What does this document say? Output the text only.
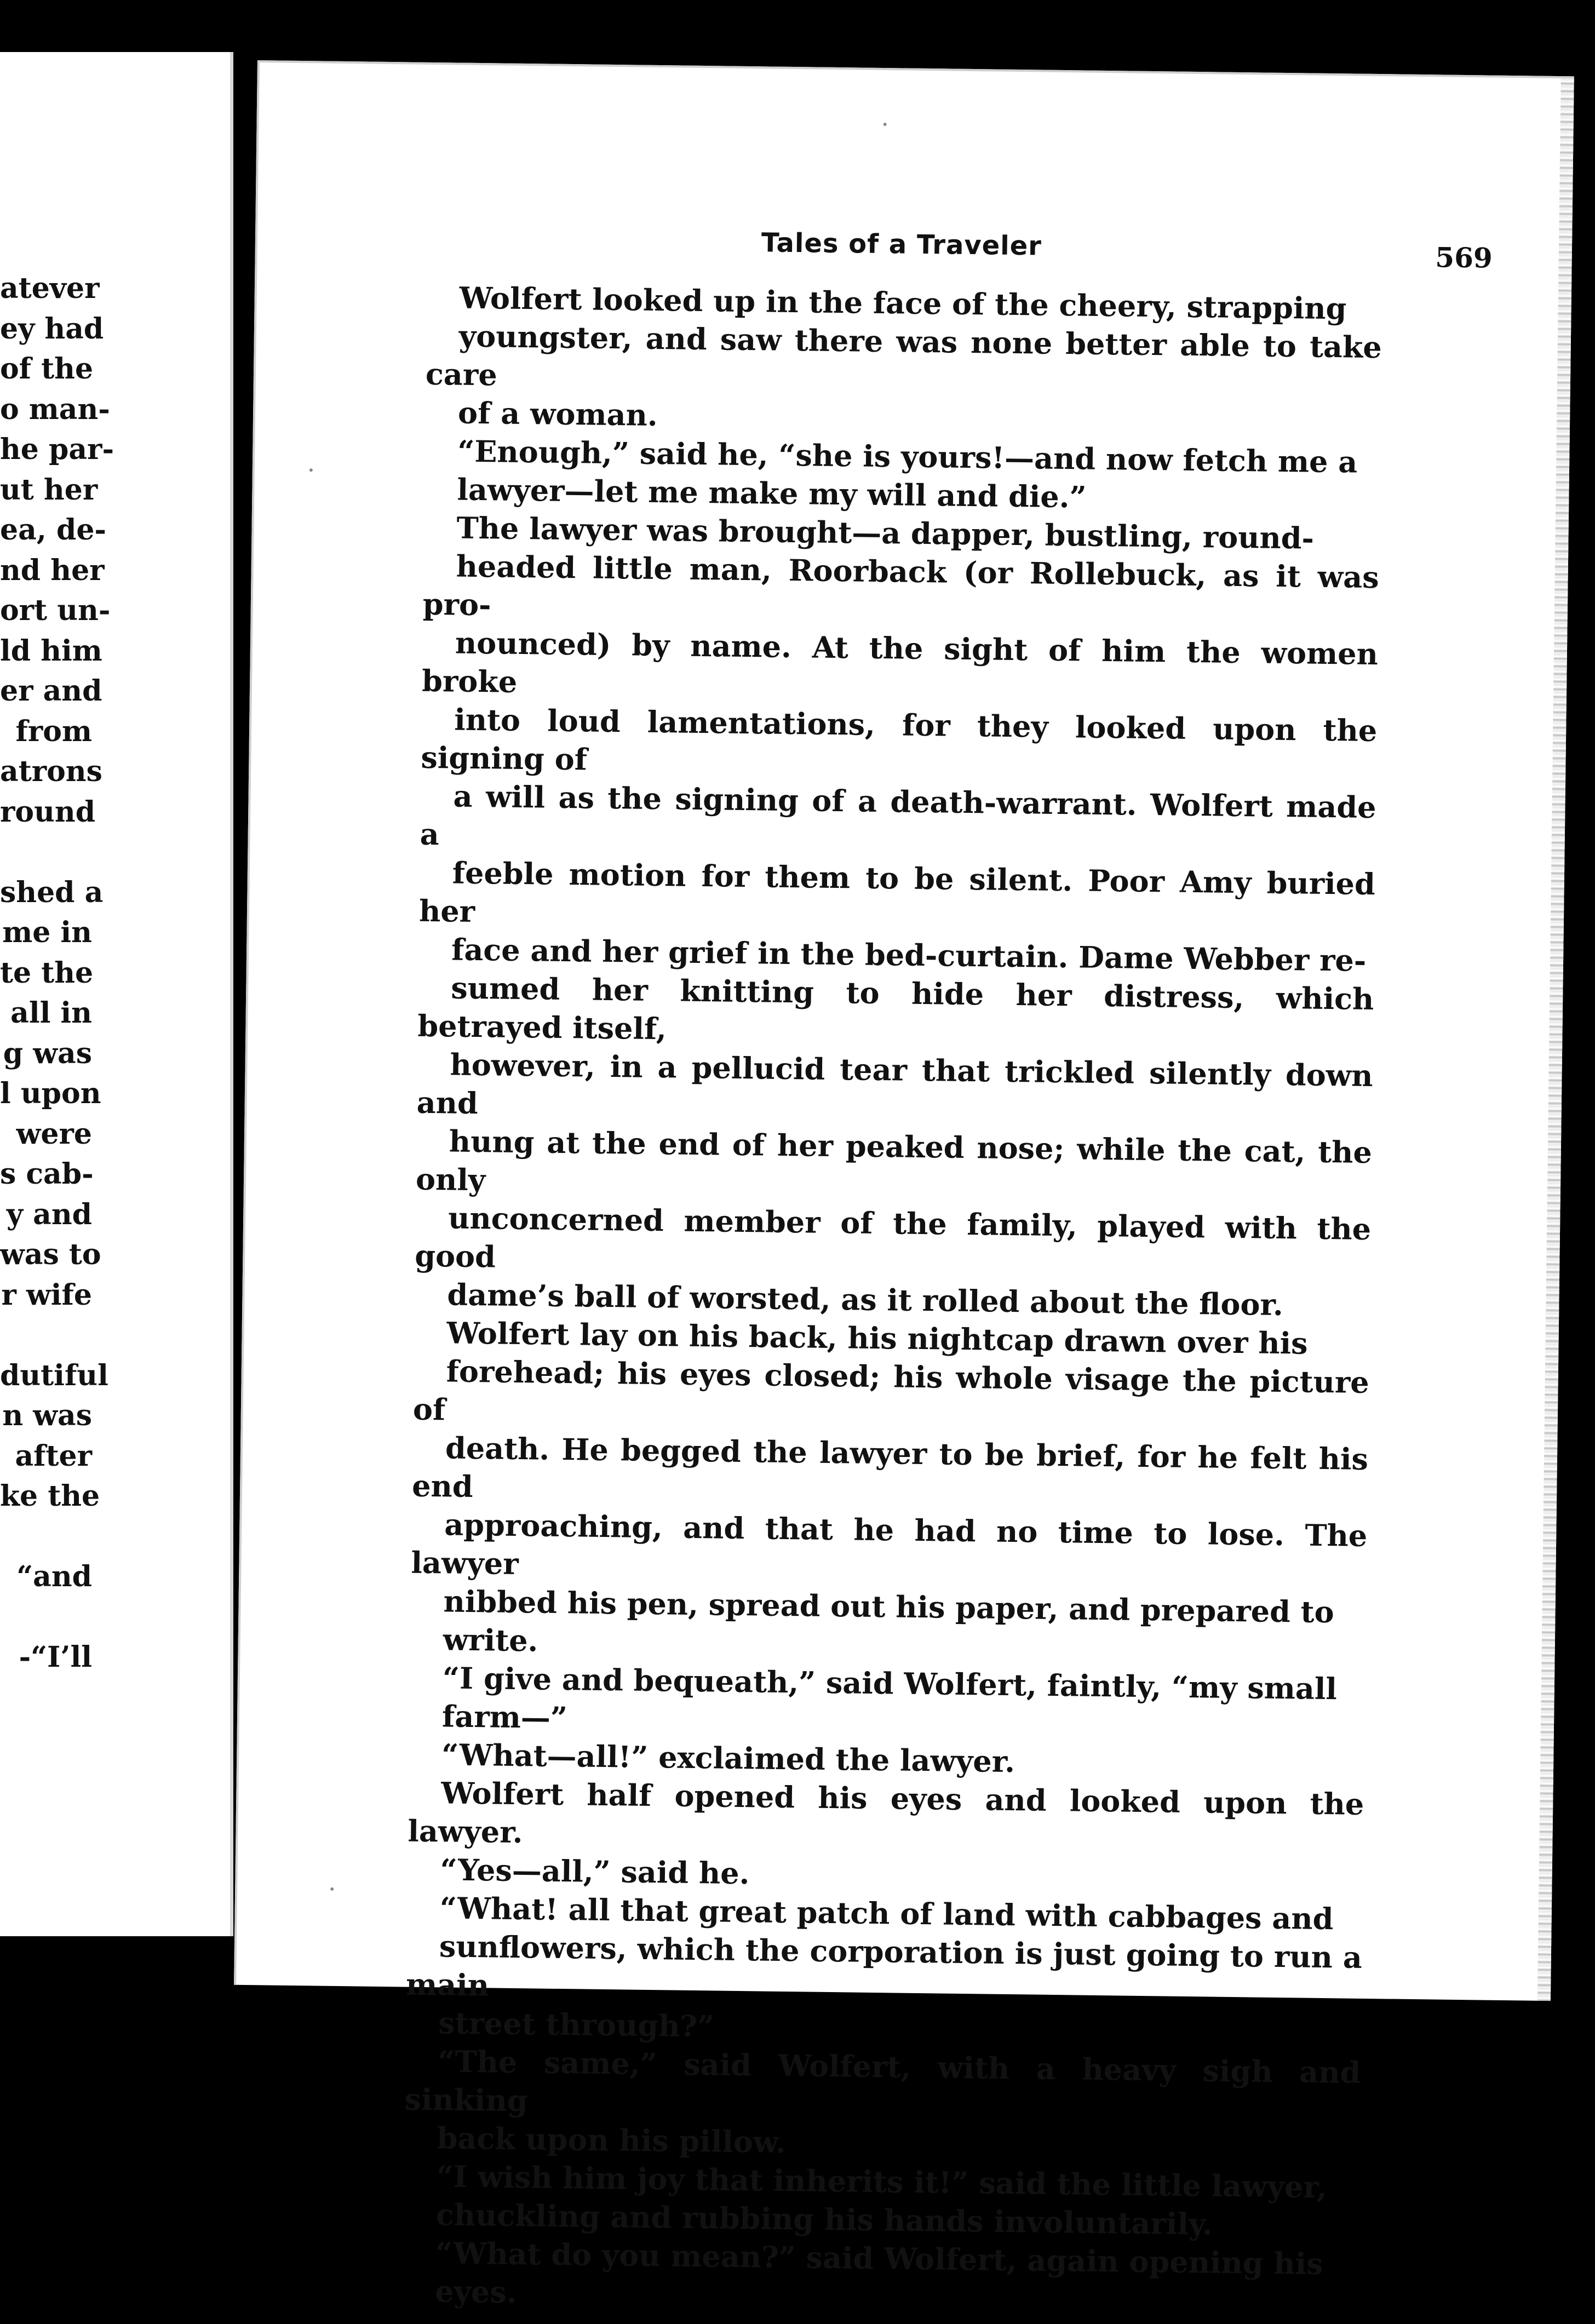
atever
ey had
of the
o man-
he par-
ut her
ea, de-
nd her
ort un-
ld him
er and
from
atrons
round
shed a
me in
te the
all in
g was
l upon
were
s cab-
y and
was to
r wife
dutiful
n was
after
ke the
“and
-“I’ll
Tales of a Traveler	569

Wolfert looked up in the face of the cheery, strapping
youngster, and saw there was none better able to take care
of a woman.

“Enough,” said he, “she is yours!—and now fetch me a
lawyer—let me make my will and die.”

The lawyer was brought—a dapper, bustling, round-
headed little man, Roorback (or Rollebuck, as it was pro-
nounced) by name. At the sight of him the women broke
into loud lamentations, for they looked upon the signing of
a will as the signing of a death-warrant. Wolfert made a
feeble motion for them to be silent. Poor Amy buried her
face and her grief in the bed-curtain. Dame Webber re-
sumed her knitting to hide her distress, which betrayed itself,
however, in a pellucid tear that trickled silently down and
hung at the end of her peaked nose; while the cat, the only
unconcerned member of the family, played with the good
dame’s ball of worsted, as it rolled about the floor.

Wolfert lay on his back, his nightcap drawn over his
forehead; his eyes closed; his whole visage the picture of
death. He begged the lawyer to be brief, for he felt his end
approaching, and that he had no time to lose. The lawyer
nibbed his pen, spread out his paper, and prepared to
write.

“I give and bequeath,” said Wolfert, faintly, “my small
farm—”

“What—all!” exclaimed the lawyer.

Wolfert half opened his eyes and looked upon the lawyer.

“Yes—all,” said he.

“What! all that great patch of land with cabbages and
sunflowers, which the corporation is just going to run a main
street through?”

“The same,” said Wolfert, with a heavy sigh and sinking
back upon his pillow.

“I wish him joy that inherits it!” said the little lawyer,
chuckling and rubbing his hands involuntarily.

“What do you mean?” said Wolfert, again opening his
eyes.
